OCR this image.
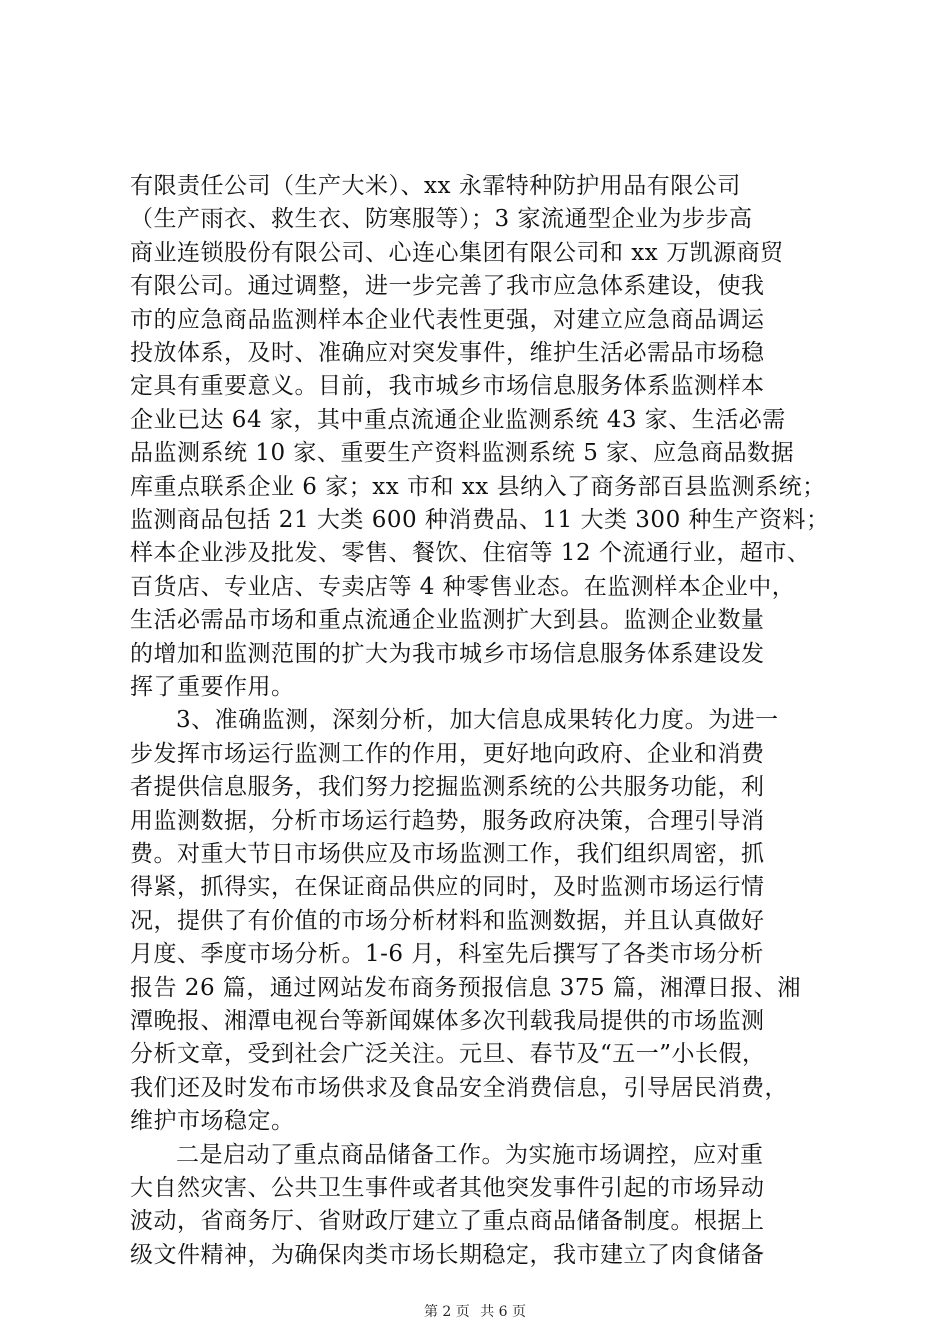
有限责任公司（生产大米）、xx 永霏特种防护用品有限公司
（生产雨衣、救生衣、防寒服等）；3 家流通型企业为步步高
商业连锁股份有限公司、心连心集团有限公司和 xx 万凯源商贸
有限公司。通过调整，进一步完善了我市应急体系建设，使我
市的应急商品监测样本企业代表性更强，对建立应急商品调运
投放体系，及时、准确应对突发事件，维护生活必需品市场稳
定具有重要意义。目前，我市城乡市场信息服务体系监测样本
企业已达 64 家，其中重点流通企业监测系统 43 家、生活必需
品监测系统 10 家、重要生产资料监测系统 5 家、应急商品数据
库重点联系企业 6 家；xx 市和 xx 县纳入了商务部百县监测系统；
监测商品包括 21 大类 600 种消费品、11 大类 300 种生产资料；
样本企业涉及批发、零售、餐饮、住宿等 12 个流通行业，超市、
百货店、专业店、专卖店等 4 种零售业态。在监测样本企业中，
生活必需品市场和重点流通企业监测扩大到县。监测企业数量
的增加和监测范围的扩大为我市城乡市场信息服务体系建设发
挥了重要作用。
3、准确监测，深刻分析，加大信息成果转化力度。为进一
步发挥市场运行监测工作的作用，更好地向政府、企业和消费
者提供信息服务，我们努力挖掘监测系统的公共服务功能，利
用监测数据，分析市场运行趋势，服务政府决策，合理引导消
费。对重大节日市场供应及市场监测工作，我们组织周密，抓
得紧，抓得实，在保证商品供应的同时，及时监测市场运行情
况，提供了有价值的市场分析材料和监测数据，并且认真做好
月度、季度市场分析。1-6 月，科室先后撰写了各类市场分析
报告 26 篇，通过网站发布商务预报信息 375 篇，湘潭日报、湘
潭晚报、湘潭电视台等新闻媒体多次刊载我局提供的市场监测
分析文章，受到社会广泛关注。元旦、春节及“五一”小长假，
我们还及时发布市场供求及食品安全消费信息，引导居民消费，
维护市场稳定。
二是启动了重点商品储备工作。为实施市场调控，应对重
大自然灾害、公共卫生事件或者其他突发事件引起的市场异动
波动，省商务厅、省财政厅建立了重点商品储备制度。根据上
级文件精神，为确保肉类市场长期稳定，我市建立了肉食储备
第 2 页 共 6 页
